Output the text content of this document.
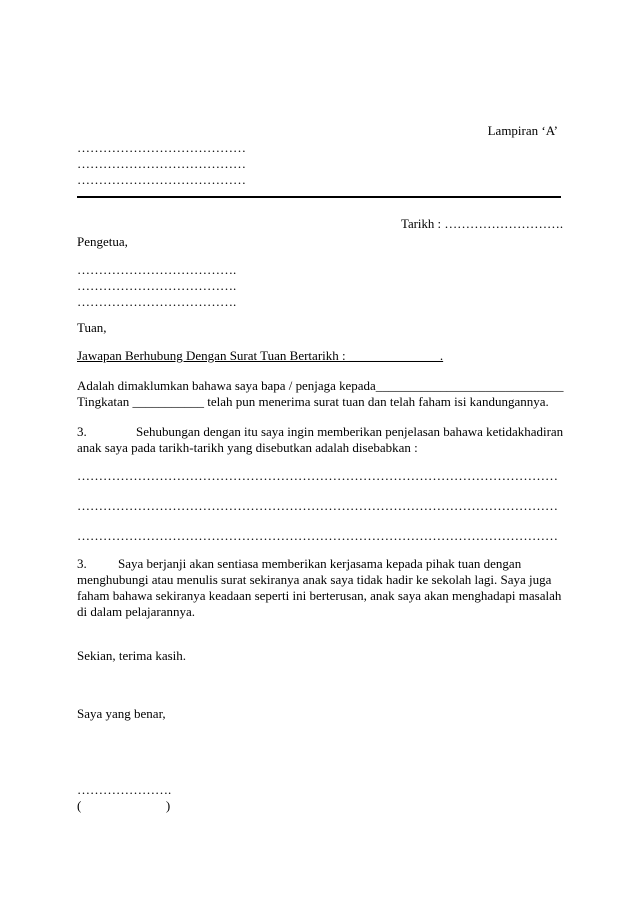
Lampiran ‘A’
…………………………………
…………………………………
…………………………………
Tarikh : ……………………….
Pengetua,
……………………………….
……………………………….
……………………………….
Tuan,
Jawapan Berhubung Dengan Surat Tuan Bertarikh : ______________.
Adalah dimaklumkan bahawa saya bapa / penjaga kepada_____________________________
Tingkatan ___________ telah pun menerima surat tuan dan telah faham isi kandungannya.
3.	Sehubungan dengan itu saya ingin memberikan penjelasan bahawa ketidakhadiran
anak saya pada tarikh-tarikh yang disebutkan adalah disebabkan :
…………………………………………………………………………………………………
…………………………………………………………………………………………………
…………………………………………………………………………………………………
3. Saya berjanji akan sentiasa memberikan kerjasama kepada pihak tuan dengan
menghubungi atau menulis surat sekiranya anak saya tidak hadir ke sekolah lagi. Saya juga
faham bahawa sekiranya keadaan seperti ini berterusan, anak saya akan menghadapi masalah
di dalam pelajarannya.
Sekian, terima kasih.
Saya yang benar,
………………….
(                          )
